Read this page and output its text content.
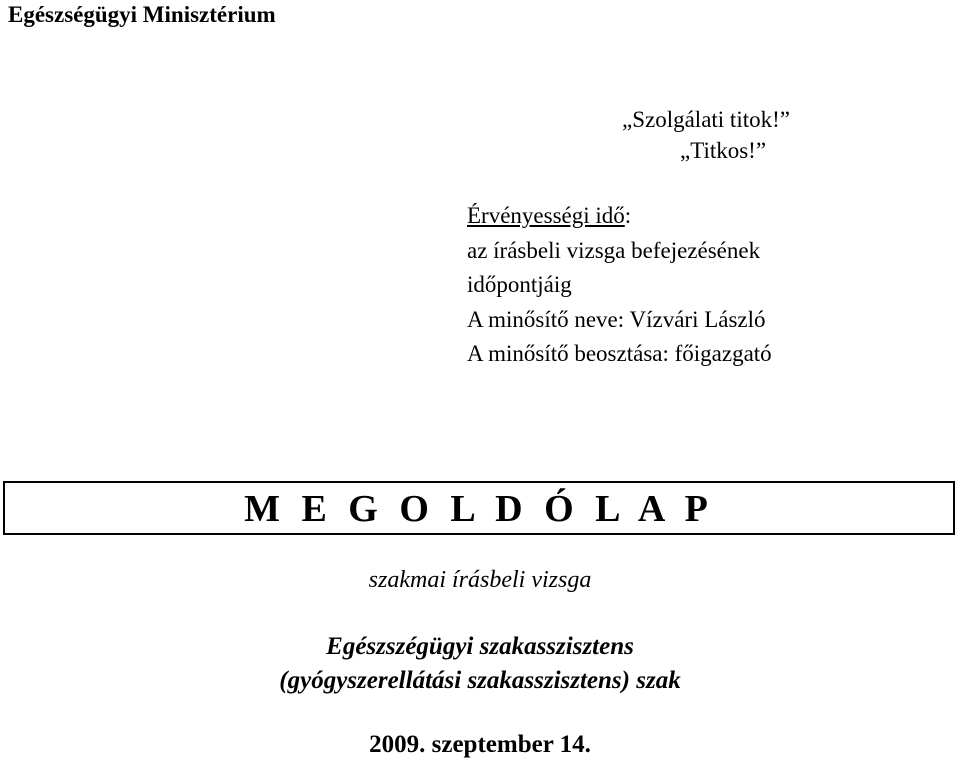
Egészségügyi Minisztérium
„Szolgálati titok!”
„Titkos!”
Érvényességi idő:
az írásbeli vizsga befejezésének
időpontjáig
A minősítő neve: Vízvári László
A minősítő beosztása: főigazgató
M E G O L D Ó L A P
szakmai írásbeli vizsga
Egészszégügyi szakasszisztens
(gyógyszerellátási szakasszisztens) szak
2009. szeptember 14.
